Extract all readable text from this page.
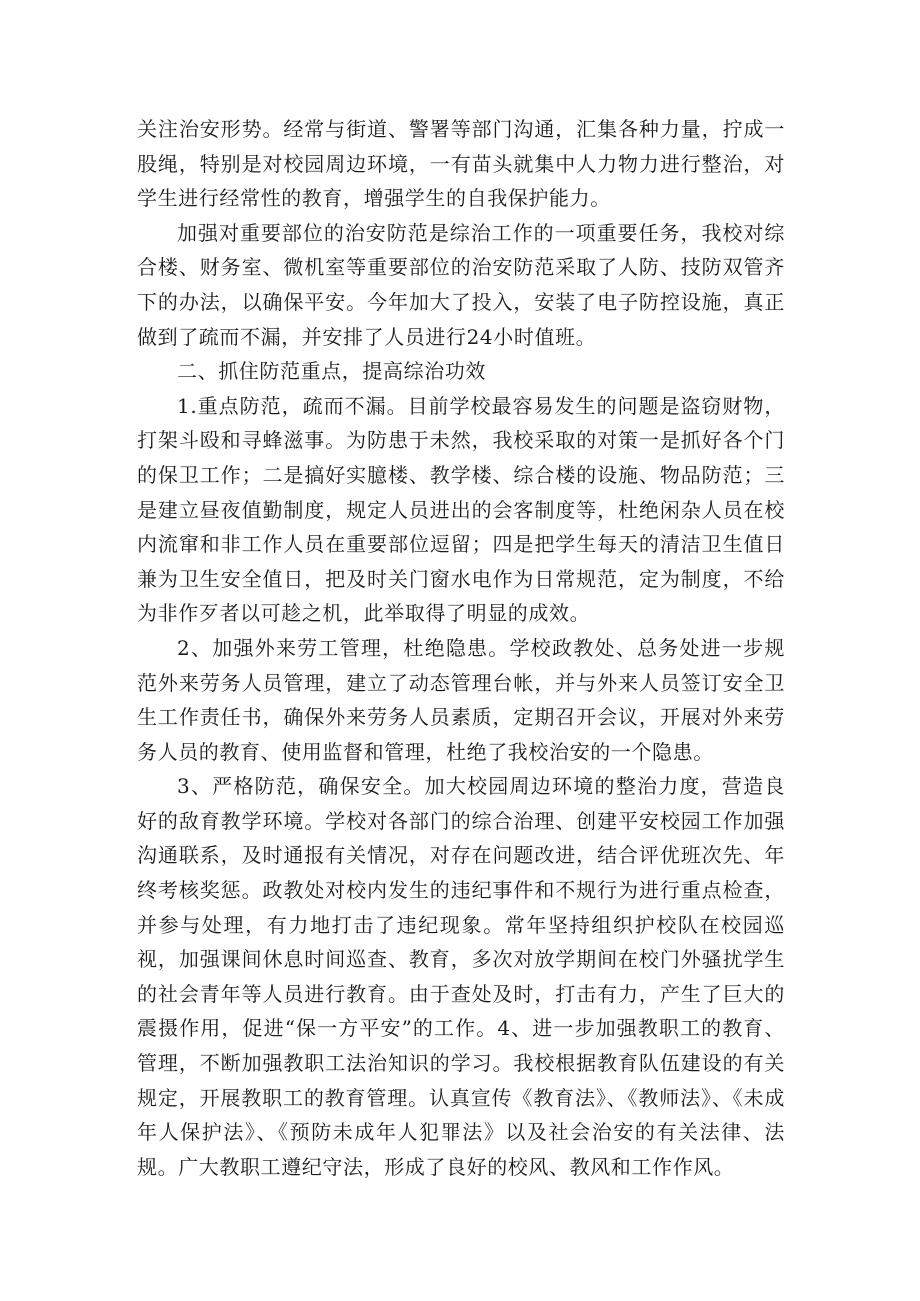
关注治安形势。经常与街道、警署等部门沟通，汇集各种力量，拧成一股绳，特别是对校园周边环境，一有苗头就集中人力物力进行整治，对学生进行经常性的教育，增强学生的自我保护能力。

加强对重要部位的治安防范是综治工作的一项重要任务，我校对综合楼、财务室、微机室等重要部位的治安防范采取了人防、技防双管齐下的办法，以确保平安。今年加大了投入，安装了电子防控设施，真正做到了疏而不漏，并安排了人员进行24小时值班。

二、抓住防范重点，提高综治功效

1.重点防范，疏而不漏。目前学校最容易发生的问题是盗窃财物，打架斗殴和寻蜂滋事。为防患于未然，我校采取的对策一是抓好各个门的保卫工作；二是搞好实臆楼、教学楼、综合楼的设施、物品防范；三是建立昼夜值勤制度，规定人员进出的会客制度等，杜绝闲杂人员在校内流窜和非工作人员在重要部位逗留；四是把学生每天的清洁卫生值日兼为卫生安全值日，把及时关门窗水电作为日常规范，定为制度，不给为非作歹者以可趁之机，此举取得了明显的成效。

2、加强外来劳工管理，杜绝隐患。学校政教处、总务处进一步规范外来劳务人员管理，建立了动态管理台帐，并与外来人员签订安全卫生工作责任书，确保外来劳务人员素质，定期召开会议，开展对外来劳务人员的教育、使用监督和管理，杜绝了我校治安的一个隐患。

3、严格防范，确保安全。加大校园周边环境的整治力度，营造良好的敌育教学环境。学校对各部门的综合治理、创建平安校园工作加强沟通联系，及时通报有关情况，对存在问题改进，结合评优班次先、年终考核奖惩。政教处对校内发生的违纪事件和不规行为进行重点检查，并参与处理，有力地打击了违纪现象。常年坚持组织护校队在校园巡视，加强课间休息时间巡查、教育，多次对放学期间在校门外骚扰学生的社会青年等人员进行教育。由于查处及时，打击有力，产生了巨大的震摄作用，促进“保一方平安”的工作。4、进一步加强教职工的教育、管理，不断加强教职工法治知识的学习。我校根据教育队伍建设的有关规定，开展教职工的教育管理。认真宣传《教育法》、《教师法》、《未成年人保护法》、《预防未成年人犯罪法》以及社会治安的有关法律、法规。广大教职工遵纪守法，形成了良好的校风、教风和工作作风。
